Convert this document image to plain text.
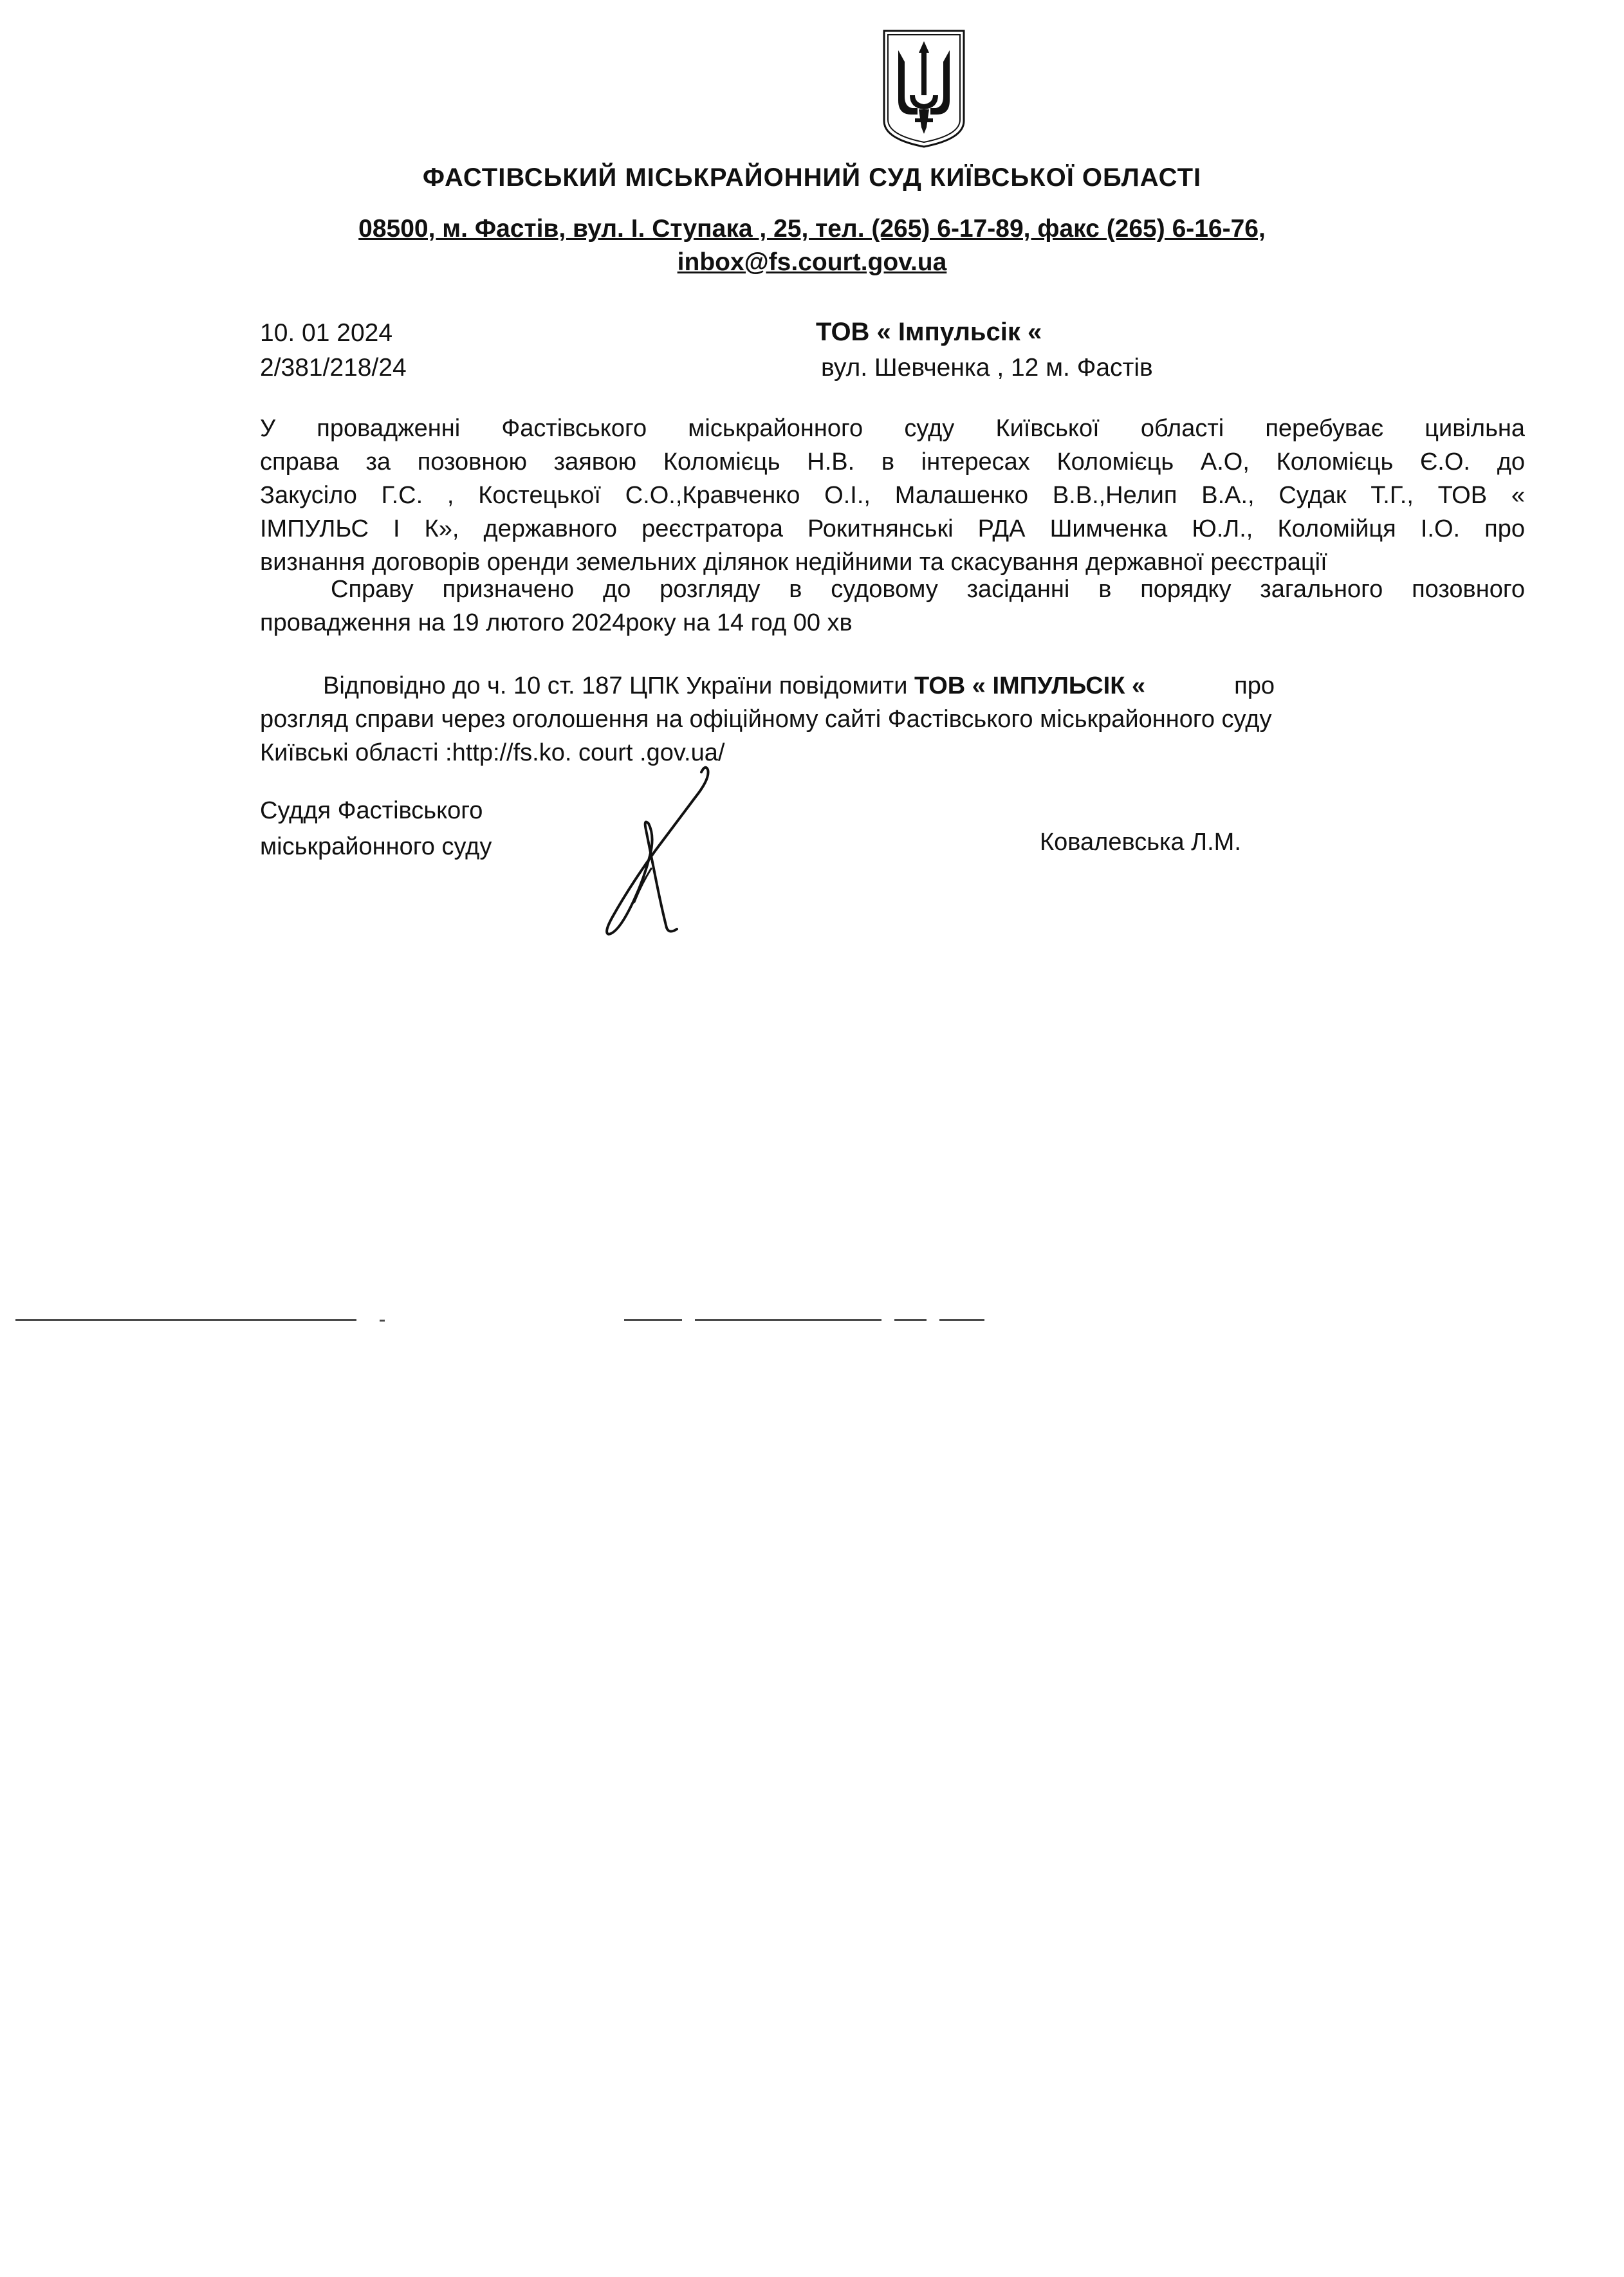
ФАСТІВСЬКИЙ МІСЬКРАЙОННИЙ СУД КИЇВСЬКОЇ ОБЛАСТІ
08500, м. Фастів, вул. І. Ступака , 25, тел. (265) 6-17-89, факс (265) 6-16-76,
inbox@fs.court.gov.ua
10. 01 2024
2/381/218/24
ТОВ « Імпульсік «
вул. Шевченка , 12 м. Фастів
У провадженні Фастівського міськрайонного суду Київської області перебуває цивільна
справа за позовною заявою Коломієць Н.В. в інтересах Коломієць А.О, Коломієць Є.О. до
Закусіло Г.С. , Костецької С.О.,Кравченко О.І., Малашенко В.В.,Нелип В.А., Судак Т.Г., ТОВ «
ІМПУЛЬС І К», державного реєстратора Рокитнянські РДА Шимченка Ю.Л., Коломійця І.О. про
визнання договорів оренди земельних ділянок недійними та скасування державної реєстрації
Справу призначено до розгляду в судовому засіданні в порядку загального позовного
провадження на 19 лютого 2024року на 14 год 00 хв
Відповідно до ч. 10 ст. 187 ЦПК України повідомити ТОВ « ІМПУЛЬСІК «	про
розгляд справи через оголошення на офіційному сайті Фастівського міськрайонного суду
Київські області :http://fs.ko. court .gov.ua/
Суддя Фастівського
міськрайонного суду	Ковалевська Л.М.
